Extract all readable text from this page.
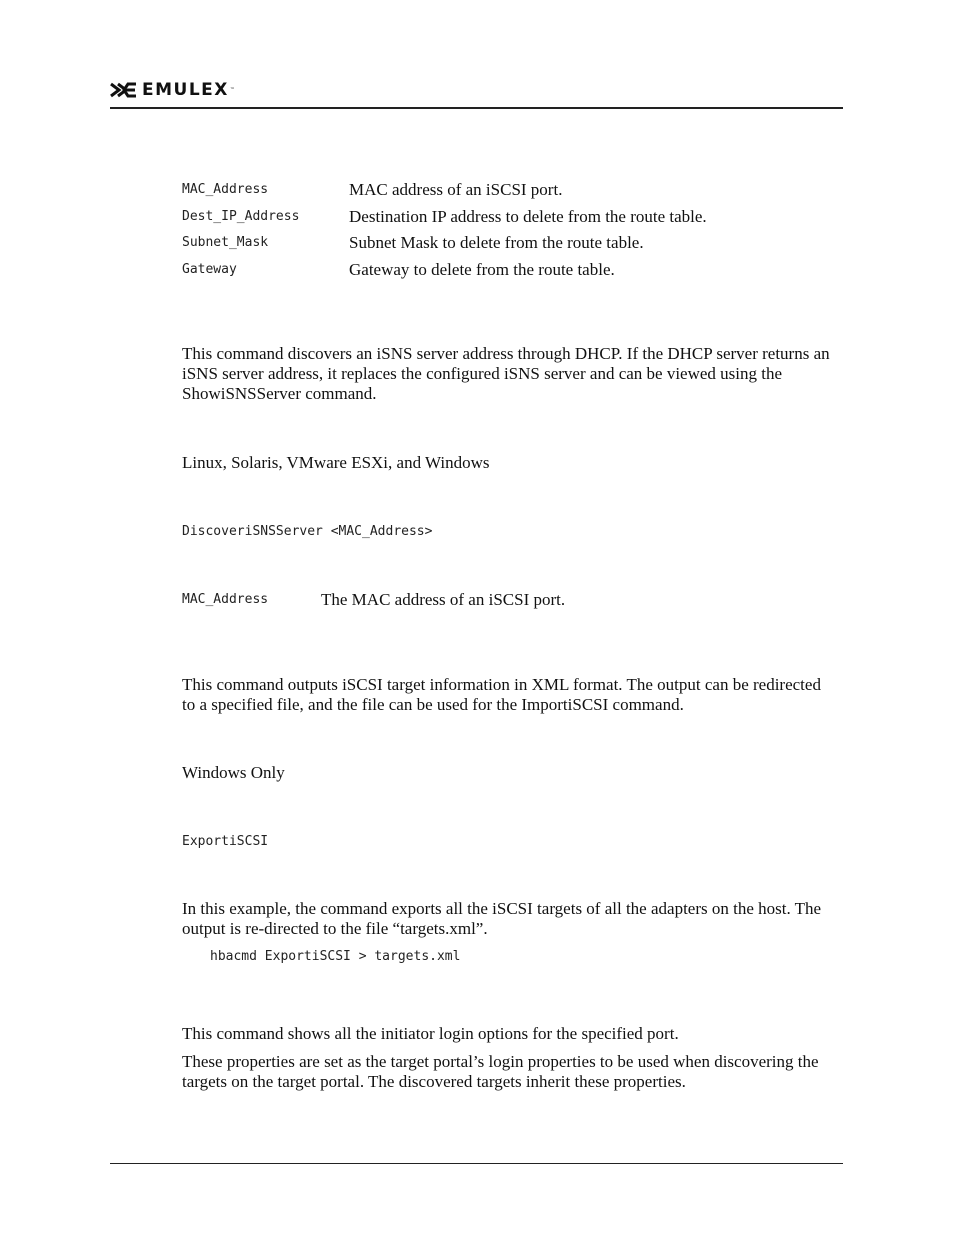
EMULEX ™
MAC_Address	MAC address of an iSCSI port.
Dest_IP_Address	Destination IP address to delete from the route table.
Subnet_Mask	Subnet Mask to delete from the route table.
Gateway	Gateway to delete from the route table.
This command discovers an iSNS server address through DHCP. If the DHCP server returns an iSNS server address, it replaces the configured iSNS server and can be viewed using the ShowiSNSServer command.
Linux, Solaris, VMware ESXi, and Windows
DiscoveriSNSServer <MAC_Address>
MAC_Address	The MAC address of an iSCSI port.
This command outputs iSCSI target information in XML format. The output can be redirected to a specified file, and the file can be used for the ImportiSCSI command.
Windows Only
ExportiSCSI
In this example, the command exports all the iSCSI targets of all the adapters on the host. The output is re-directed to the file “targets.xml”.
hbacmd ExportiSCSI > targets.xml
This command shows all the initiator login options for the specified port.
These properties are set as the target portal’s login properties to be used when discovering the targets on the target portal. The discovered targets inherit these properties.
